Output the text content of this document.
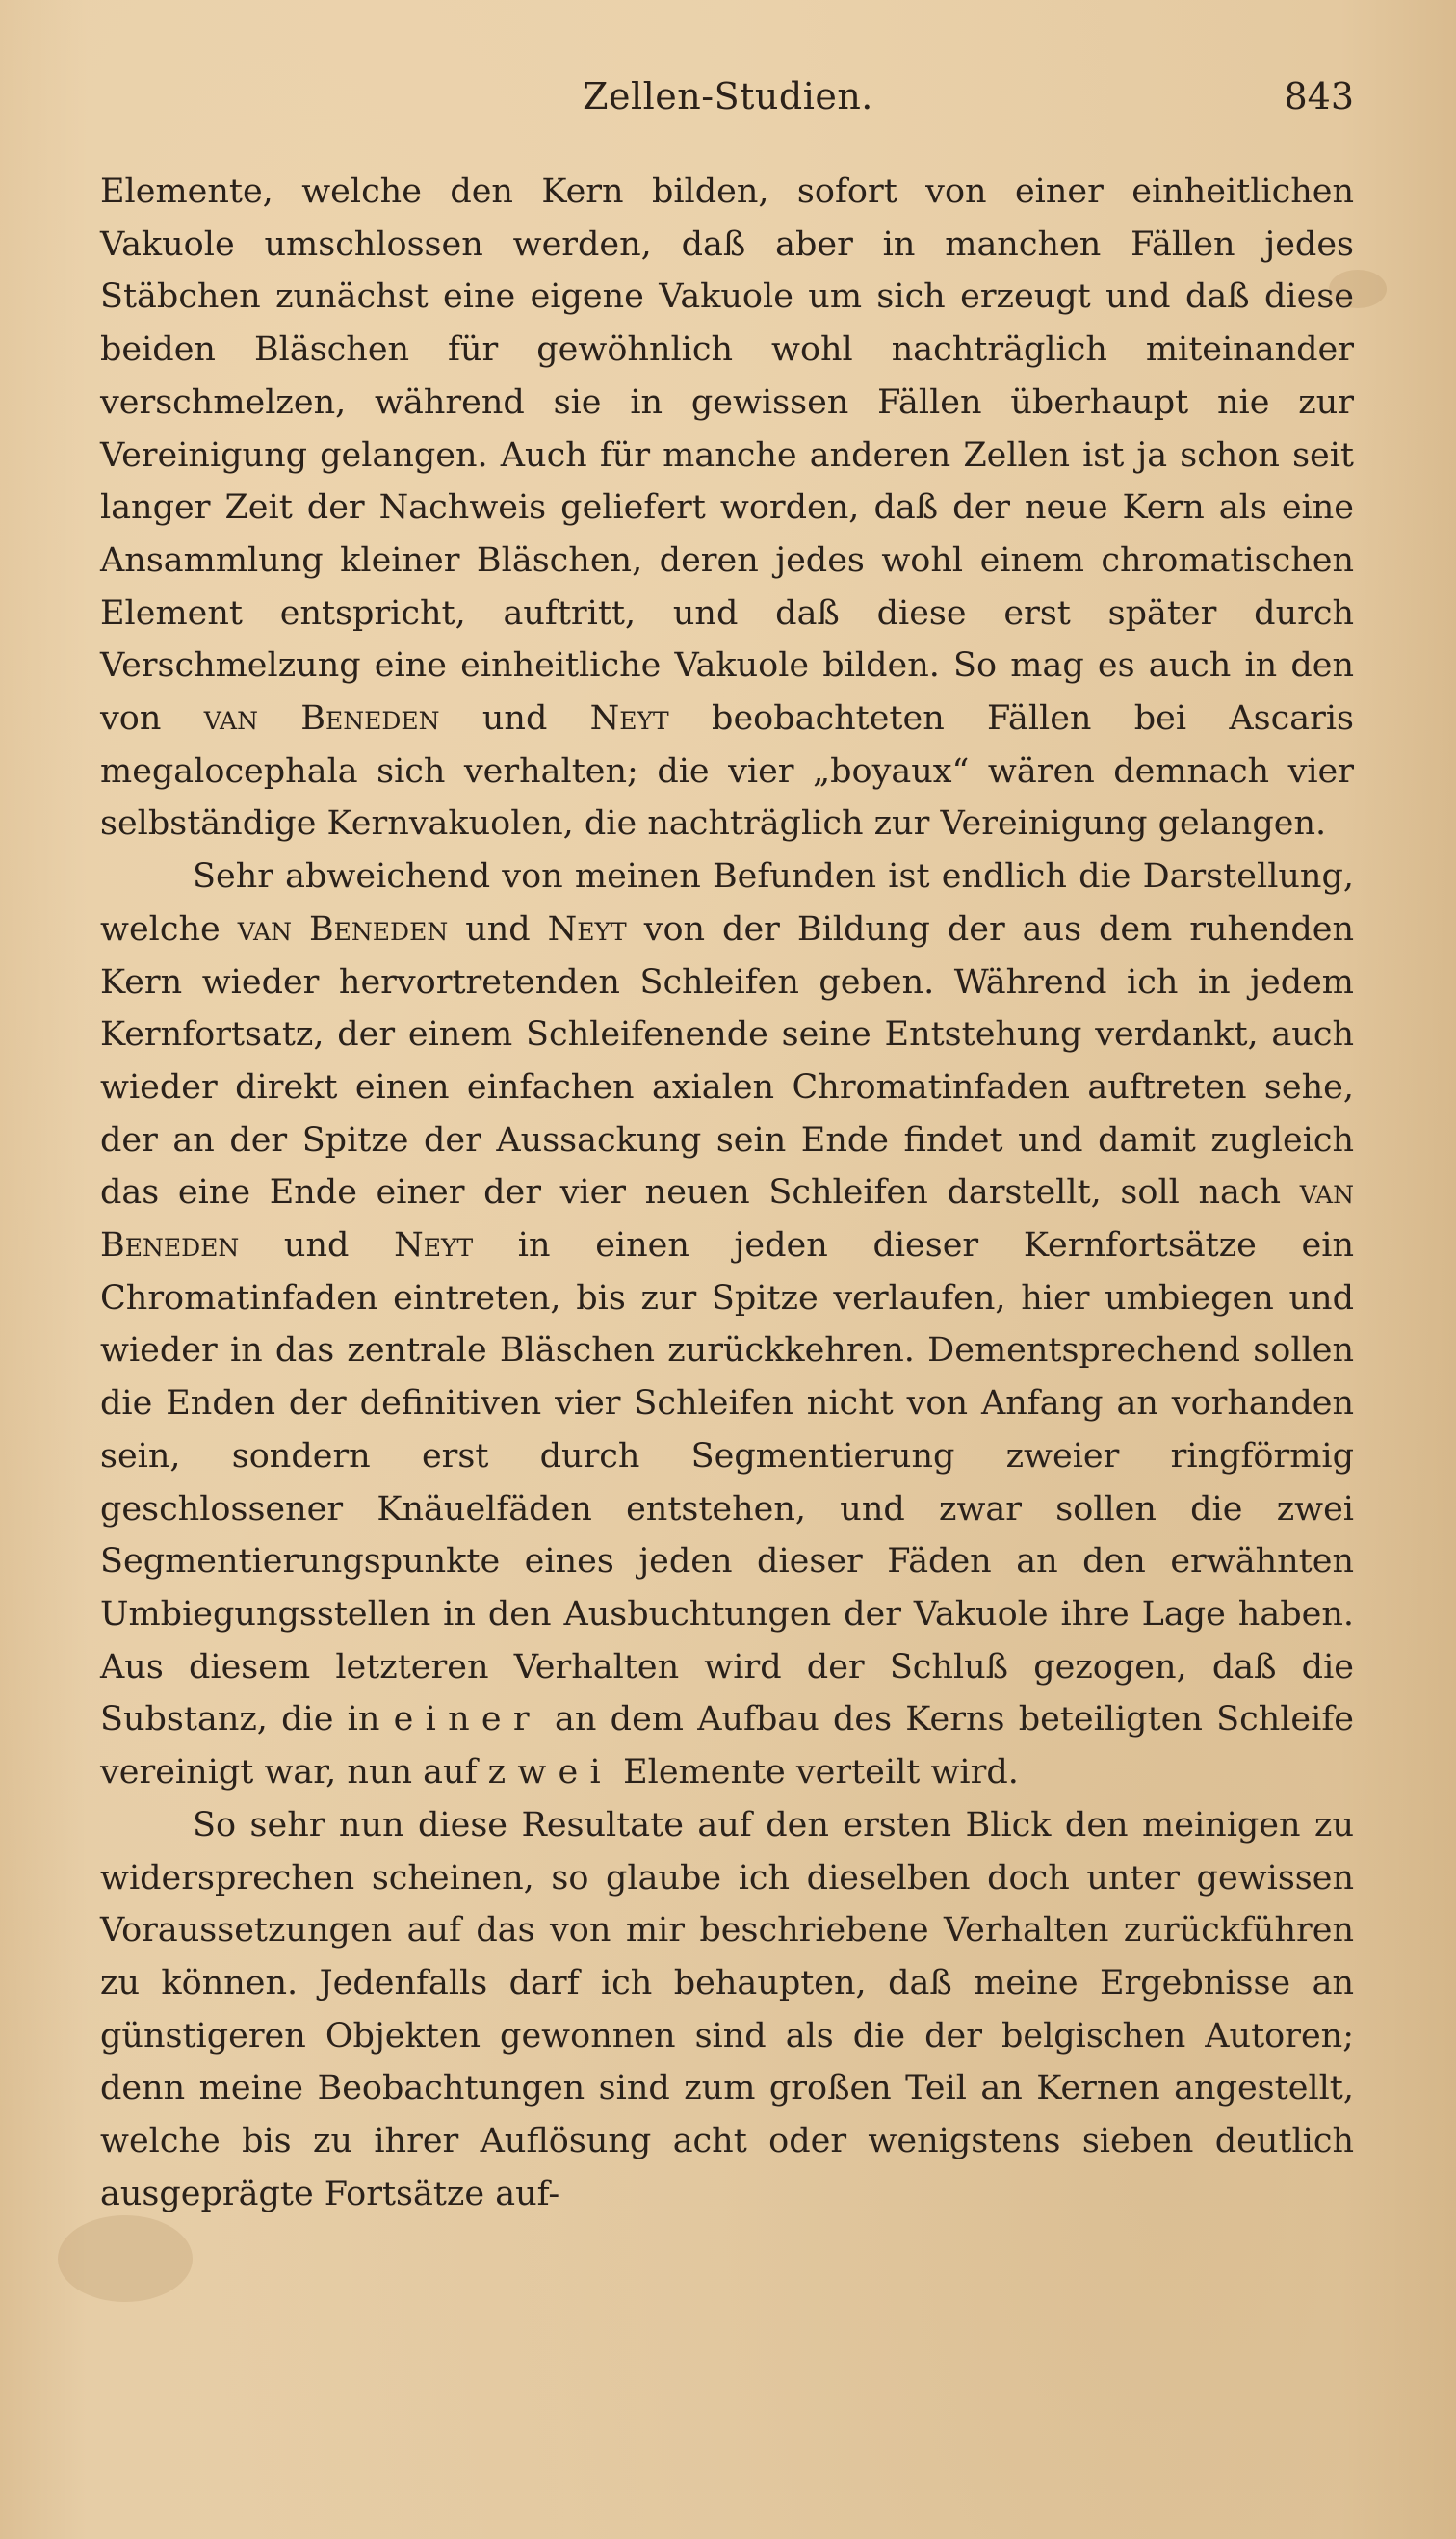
Zellen-Studien.	843

Elemente, welche den Kern bilden, sofort von einer einheitlichen Vakuole umschlossen werden, daß aber in manchen Fällen jedes Stäbchen zunächst eine eigene Vakuole um sich erzeugt und daß diese beiden Bläschen für gewöhnlich wohl nachträglich miteinander verschmelzen, während sie in gewissen Fällen überhaupt nie zur Vereinigung gelangen. Auch für manche anderen Zellen ist ja schon seit langer Zeit der Nachweis geliefert worden, daß der neue Kern als eine Ansammlung kleiner Bläschen, deren jedes wohl einem chromatischen Element entspricht, auftritt, und daß diese erst später durch Verschmelzung eine einheitliche Vakuole bilden. So mag es auch in den von van Beneden und Neyt beobachteten Fällen bei Ascaris megalocephala sich verhalten; die vier „boyaux“ wären demnach vier selbständige Kernvakuolen, die nachträglich zur Vereinigung gelangen.

Sehr abweichend von meinen Befunden ist endlich die Darstellung, welche van Beneden und Neyt von der Bildung der aus dem ruhenden Kern wieder hervortretenden Schleifen geben. Während ich in jedem Kernfortsatz, der einem Schleifenende seine Entstehung verdankt, auch wieder direkt einen einfachen axialen Chromatinfaden auftreten sehe, der an der Spitze der Aussackung sein Ende findet und damit zugleich das eine Ende einer der vier neuen Schleifen darstellt, soll nach van Beneden und Neyt in einen jeden dieser Kernfortsätze ein Chromatinfaden eintreten, bis zur Spitze verlaufen, hier umbiegen und wieder in das zentrale Bläschen zurückkehren. Dementsprechend sollen die Enden der definitiven vier Schleifen nicht von Anfang an vorhanden sein, sondern erst durch Segmentierung zweier ringförmig geschlossener Knäuelfäden entstehen, und zwar sollen die zwei Segmentierungspunkte eines jeden dieser Fäden an den erwähnten Umbiegungsstellen in den Ausbuchtungen der Vakuole ihre Lage haben. Aus diesem letzteren Verhalten wird der Schluß gezogen, daß die Substanz, die in einer an dem Aufbau des Kerns beteiligten Schleife vereinigt war, nun auf zwei Elemente verteilt wird.

So sehr nun diese Resultate auf den ersten Blick den meinigen zu widersprechen scheinen, so glaube ich dieselben doch unter gewissen Voraussetzungen auf das von mir beschriebene Verhalten zurückführen zu können. Jedenfalls darf ich behaupten, daß meine Ergebnisse an günstigeren Objekten gewonnen sind als die der belgischen Autoren; denn meine Beobachtungen sind zum großen Teil an Kernen angestellt, welche bis zu ihrer Auflösung acht oder wenigstens sieben deutlich ausgeprägte Fortsätze auf-
